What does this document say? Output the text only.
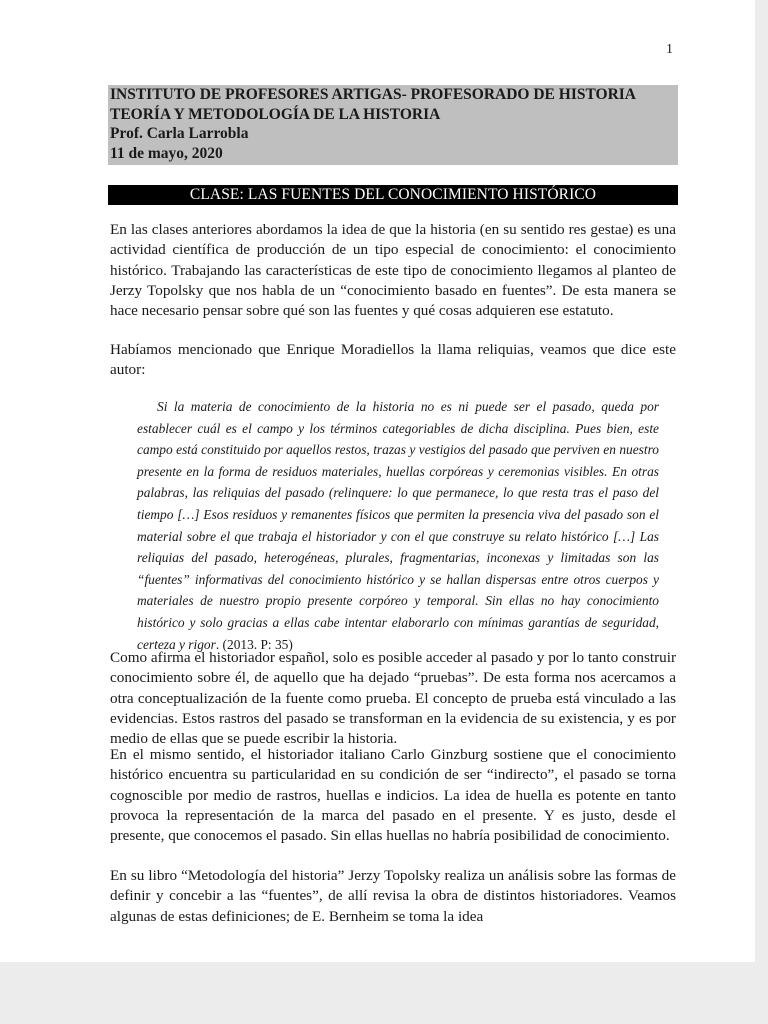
1
INSTITUTO DE PROFESORES ARTIGAS- PROFESORADO DE HISTORIA
TEORÍA Y METODOLOGÍA DE LA HISTORIA
Prof. Carla Larrobla
11 de mayo, 2020
CLASE: LAS FUENTES DEL CONOCIMIENTO HISTÓRICO
En las clases anteriores abordamos la idea de que la historia (en su sentido res gestae) es una actividad científica de producción de un tipo especial de conocimiento: el conocimiento histórico. Trabajando las características de este tipo de conocimiento llegamos al planteo de Jerzy Topolsky que nos habla de un “conocimiento basado en fuentes”. De esta manera se hace necesario pensar sobre qué son las fuentes y qué cosas adquieren ese estatuto.
Habíamos mencionado que Enrique Moradiellos la llama reliquias, veamos que dice este autor:
Si la materia de conocimiento de la historia no es ni puede ser el pasado, queda por establecer cuál es el campo y los términos categoriables de dicha disciplina. Pues bien, este campo está constituido por aquellos restos, trazas y vestigios del pasado que perviven en nuestro presente en la forma de residuos materiales, huellas corpóreas y ceremonias visibles. En otras palabras, las reliquias del pasado (relinquere: lo que permanece, lo que resta tras el paso del tiempo […] Esos residuos y remanentes físicos que permiten la presencia viva del pasado son el material sobre el que trabaja el historiador y con el que construye su relato histórico […] Las reliquias del pasado, heterogéneas, plurales, fragmentarias, inconexas y limitadas son las “fuentes” informativas del conocimiento histórico y se hallan dispersas entre otros cuerpos y materiales de nuestro propio presente corpóreo y temporal. Sin ellas no hay conocimiento histórico y solo gracias a ellas cabe intentar elaborarlo con mínimas garantías de seguridad, certeza y rigor. (2013. P: 35)
Como afirma el historiador español, solo es posible acceder al pasado y por lo tanto construir conocimiento sobre él, de aquello que ha dejado “pruebas”. De esta forma nos acercamos a otra conceptualización de la fuente como prueba. El concepto de prueba está vinculado a las evidencias. Estos rastros del pasado se transforman en la evidencia de su existencia, y es por medio de ellas que se puede escribir la historia.
En el mismo sentido, el historiador italiano Carlo Ginzburg sostiene que el conocimiento histórico encuentra su particularidad en su condición de ser “indirecto”, el pasado se torna cognoscible por medio de rastros, huellas e indicios. La idea de huella es potente en tanto provoca la representación de la marca del pasado en el presente. Y es justo, desde el presente, que conocemos el pasado. Sin ellas huellas no habría posibilidad de conocimiento.
En su libro “Metodología del historia” Jerzy Topolsky realiza un análisis sobre las formas de definir y concebir a las “fuentes”, de allí revisa la obra de distintos historiadores. Veamos algunas de estas definiciones; de E. Bernheim se toma la idea
